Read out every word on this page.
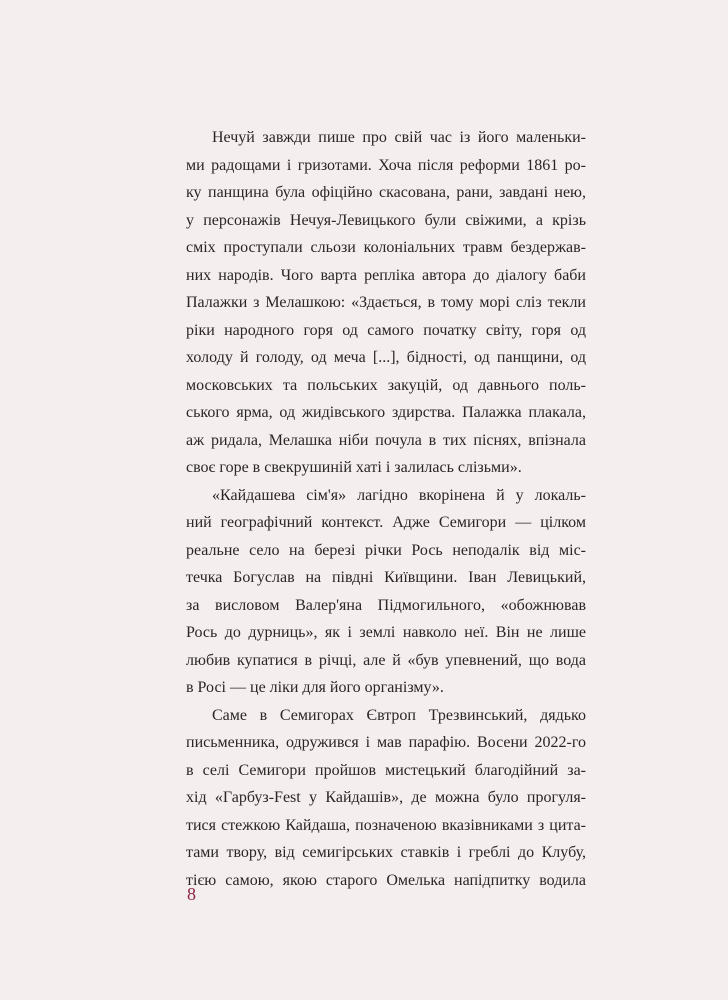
Нечуй завжди пише про свій час із його маленьки-
ми радощами і гризотами. Хоча після реформи 1861 ро-
ку панщина була офіційно скасована, рани, завдані нею,
у персонажів Нечуя-Левицького були свіжими, а крізь
сміх проступали сльози колоніальних травм бездержав-
них народів. Чого варта репліка автора до діалогу баби
Палажки з Мелашкою: «Здається, в тому морі сліз текли
ріки народного горя од самого початку світу, горя од
холоду й голоду, од меча [...], бідності, од панщини, од
московських та польських закуцій, од давнього поль-
ського ярма, од жидівського здирства. Палажка плакала,
аж ридала, Мелашка ніби почула в тих піснях, впізнала
своє горе в свекрушиній хаті і залилась слізьми».
«Кайдашева сім'я» лагідно вкорінена й у локаль-
ний географічний контекст. Адже Семигори — цілком
реальне село на березі річки Рось неподалік від міс-
течка Богуслав на півдні Київщини. Іван Левицький,
за висловом Валер'яна Підмогильного, «обожнював
Рось до дурниць», як і землі навколо неї. Він не лише
любив купатися в річці, але й «був упевнений, що вода
в Росі — це ліки для його організму».
Саме в Семигорах Євтроп Трезвинський, дядько
письменника, одружився і мав парафію. Восени 2022-го
в селі Семигори пройшов мистецький благодійний за-
хід «Гарбуз-Fest у Кайдашів», де можна було прогуля-
тися стежкою Кайдаша, позначеною вказівниками з цита-
тами твору, від семигірських ставків і греблі до Клубу,
тією самою, якою старого Омелька напідпитку водила
8
